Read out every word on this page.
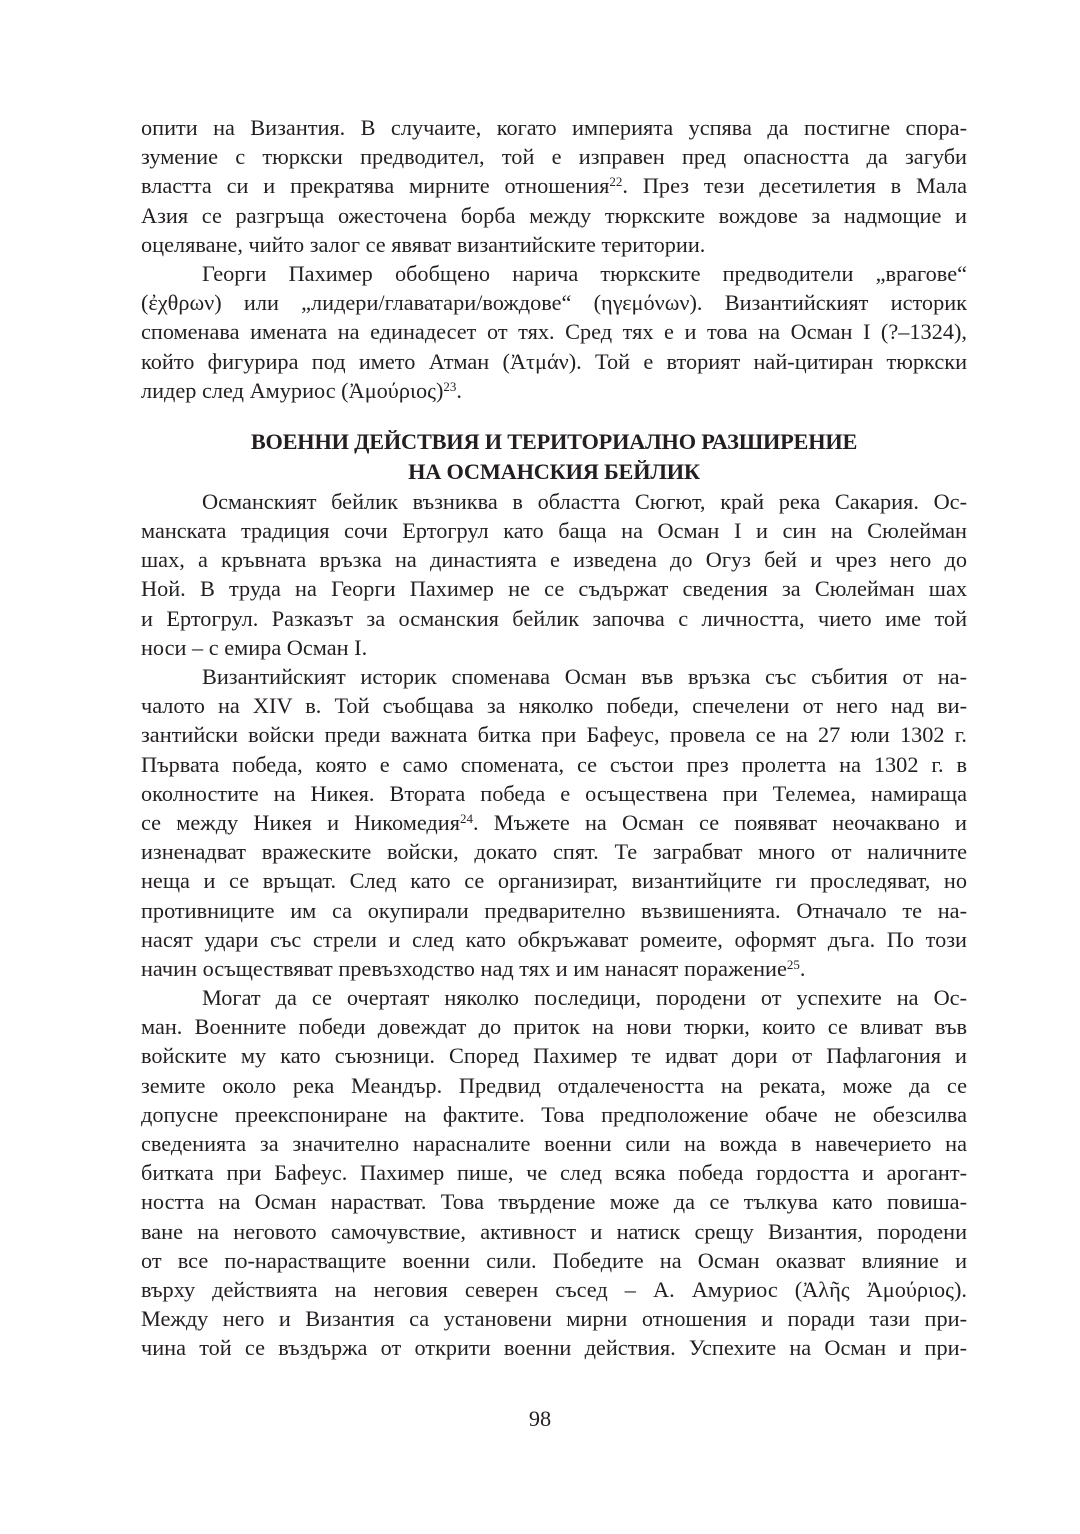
опити на Византия. В случаите, когато империята успява да постигне спора-
зумение с тюркски предводител, той е изправен пред опасността да загуби
властта си и прекратява мирните отношения$^{22}$. През тези десетилетия в Мала
Азия се разгръща ожесточена борба между тюркските вождове за надмощие и
оцеляване, чийто залог се явяват византийските територии.

Георги Пахимер обобщено нарича тюркските предводители „врагове“
(ἐχθρων) или „лидери/главатари/вождове“ (ηγεμόνων). Византийският историк
споменава имената на единадесет от тях. Сред тях е и това на Осман I (?–1324),
който фигурира под името Атман (Ἀτμάν). Той е вторият най-цитиран тюркски
лидер след Амуриос (Ἀμούριος)$^{23}$.

ВОЕННИ ДЕЙСТВИЯ И ТЕРИТОРИАЛНО РАЗШИРЕНИЕ
НА ОСМАНСКИЯ БЕЙЛИК

Османският бейлик възниква в областта Сюгют, край река Сакария. Ос-
манската традиция сочи Ертогрул като баща на Осман I и син на Сюлейман
шах, а кръвната връзка на династията е изведена до Огуз бей и чрез него до
Ной. В труда на Георги Пахимер не се съдържат сведения за Сюлейман шах
и Ертогрул. Разказът за османския бейлик започва с личността, чието име той
носи – с емира Осман I.

Византийският историк споменава Осман във връзка със събития от на-
чалото на XIV в. Той съобщава за няколко победи, спечелени от него над ви-
зантийски войски преди важната битка при Бафеус, провела се на 27 юли 1302 г.
Първата победа, която е само спомената, се състои през пролетта на 1302 г. в
околностите на Никея. Втората победа е осъществена при Телемеа, намираща
се между Никея и Никомедия$^{24}$. Мъжете на Осман се появяват неочаквано и
изненадват вражеските войски, докато спят. Те заграбват много от наличните
неща и се връщат. След като се организират, византийците ги проследяват, но
противниците им са окупирали предварително възвишенията. Отначало те на-
насят удари със стрели и след като обкръжават ромеите, оформят дъга. По този
начин осъществяват превъзходство над тях и им нанасят поражение$^{25}$.

Могат да се очертаят няколко последици, породени от успехите на Ос-
ман. Военните победи довеждат до приток на нови тюрки, които се вливат във
войските му като съюзници. Според Пахимер те идват дори от Пафлагония и
земите около река Меандър. Предвид отдалечеността на реката, може да се
допусне преекспониране на фактите. Това предположение обаче не обезсилва
сведенията за значително нарасналите военни сили на вожда в навечерието на
битката при Бафеус. Пахимер пише, че след всяка победа гордостта и арогант-
ността на Осман нарастват. Това твърдение може да се тълкува като повиша-
ване на неговото самочувствие, активност и натиск срещу Византия, породени
от все по-нарастващите военни сили. Победите на Осман оказват влияние и
върху действията на неговия северен съсед – А. Амуриос (Ἀλῆς Ἀμούριος).
Между него и Византия са установени мирни отношения и поради тази при-
чина той се въздържа от открити военни действия. Успехите на Осман и при-

98
